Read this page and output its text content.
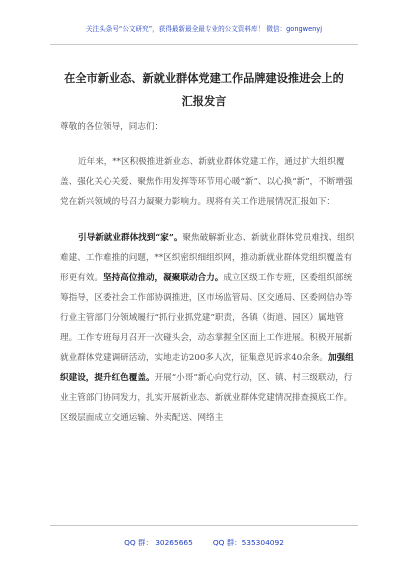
关注头条号“公文研究”，获得最新最全最专业的公文资料库！ 微信：gongwenyj
在全市新业态、新就业群体党建工作品牌建设推进会上的
汇报发言
尊敬的各位领导，同志们：
近年来，**区积极推进新业态、新就业群体党建工作，通过扩大组织覆盖、强化关心关爱、聚焦作用发挥等环节用心暖“新”、以心换“新”，不断增强党在新兴领域的号召力凝聚力影响力。现将有关工作进展情况汇报如下：
引导新就业群体找到“家”。聚焦破解新业态、新就业群体党员难找、组织难建、工作难推的问题，**区织密织细组织网，推动新就业群体党组织覆盖有形更有效。坚持高位推动，凝聚联动合力。成立区级工作专班，区委组织部统筹指导，区委社会工作部协调推进，区市场监管局、区交通局、区委网信办等行业主管部门分领域履行“抓行业抓党建”职责，各镇（街道、园区）属地管理。工作专班每月召开一次碰头会，动态掌握全区面上工作进展。积极开展新就业群体党建调研活动，实地走访200多人次，征集意见诉求40余条。加强组织建设，提升红色覆盖。开展“小哥”新心向党行动，区、镇、村三级联动，行业主管部门协同发力，扎实开展新业态、新就业群体党建情况排查摸底工作。区级层面成立交通运输、外卖配送、网络主
QQ 群： 30265665	QQ 群：535304092
